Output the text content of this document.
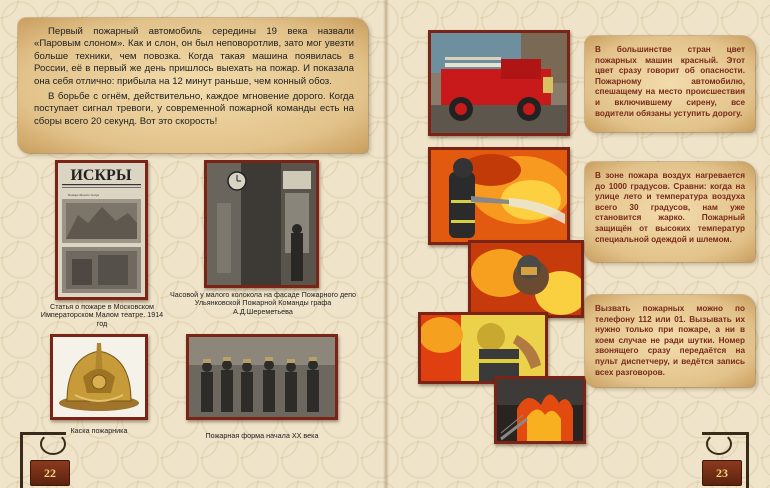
Первый пожарный автомобиль середины 19 века назвали «Паровым слоном». Как и слон, он был неповоротлив, зато мог увезти больше техники, чем повозка. Когда такая машина появилась в России, её в первый же день пришлось выехать на пожар. И показала она себя отлично: прибыла на 12 минут раньше, чем конный обоз.

В борьбе с огнём, действительно, каждое мгновение дорого. Когда поступает сигнал тревоги, у современной пожарной команды есть на сборы всего 20 секунд. Вот это скорость!

ИСКРЫ
Пожаръ Малаго театра
Статья о пожаре в Московском Императорском Малом театре. 1914 год
Часовой у малого колокола на фасаде Пожарного депо Ульянковской Пожарной Команды графа А.Д.Шереметьева
Каска пожарника
Пожарная форма начала XX века
22

В большинстве стран цвет пожарных машин красный. Этот цвет сразу говорит об опасности. Пожарному автомобилю, спешащему на место происшествия и включившему сирену, все водители обязаны уступить дорогу.

В зоне пожара воздух нагревается до 1000 градусов. Сравни: когда на улице лето и температура воздуха всего 30 градусов, нам уже становится жарко. Пожарный защищён от высоких температур специальной одеждой и шлемом.

Вызвать пожарных можно по телефону 112 или 01. Вызывать их нужно только при пожаре, а ни в коем случае не ради шутки. Номер звонящего сразу передаётся на пульт диспетчеру, и ведётся запись всех разговоров.

23
